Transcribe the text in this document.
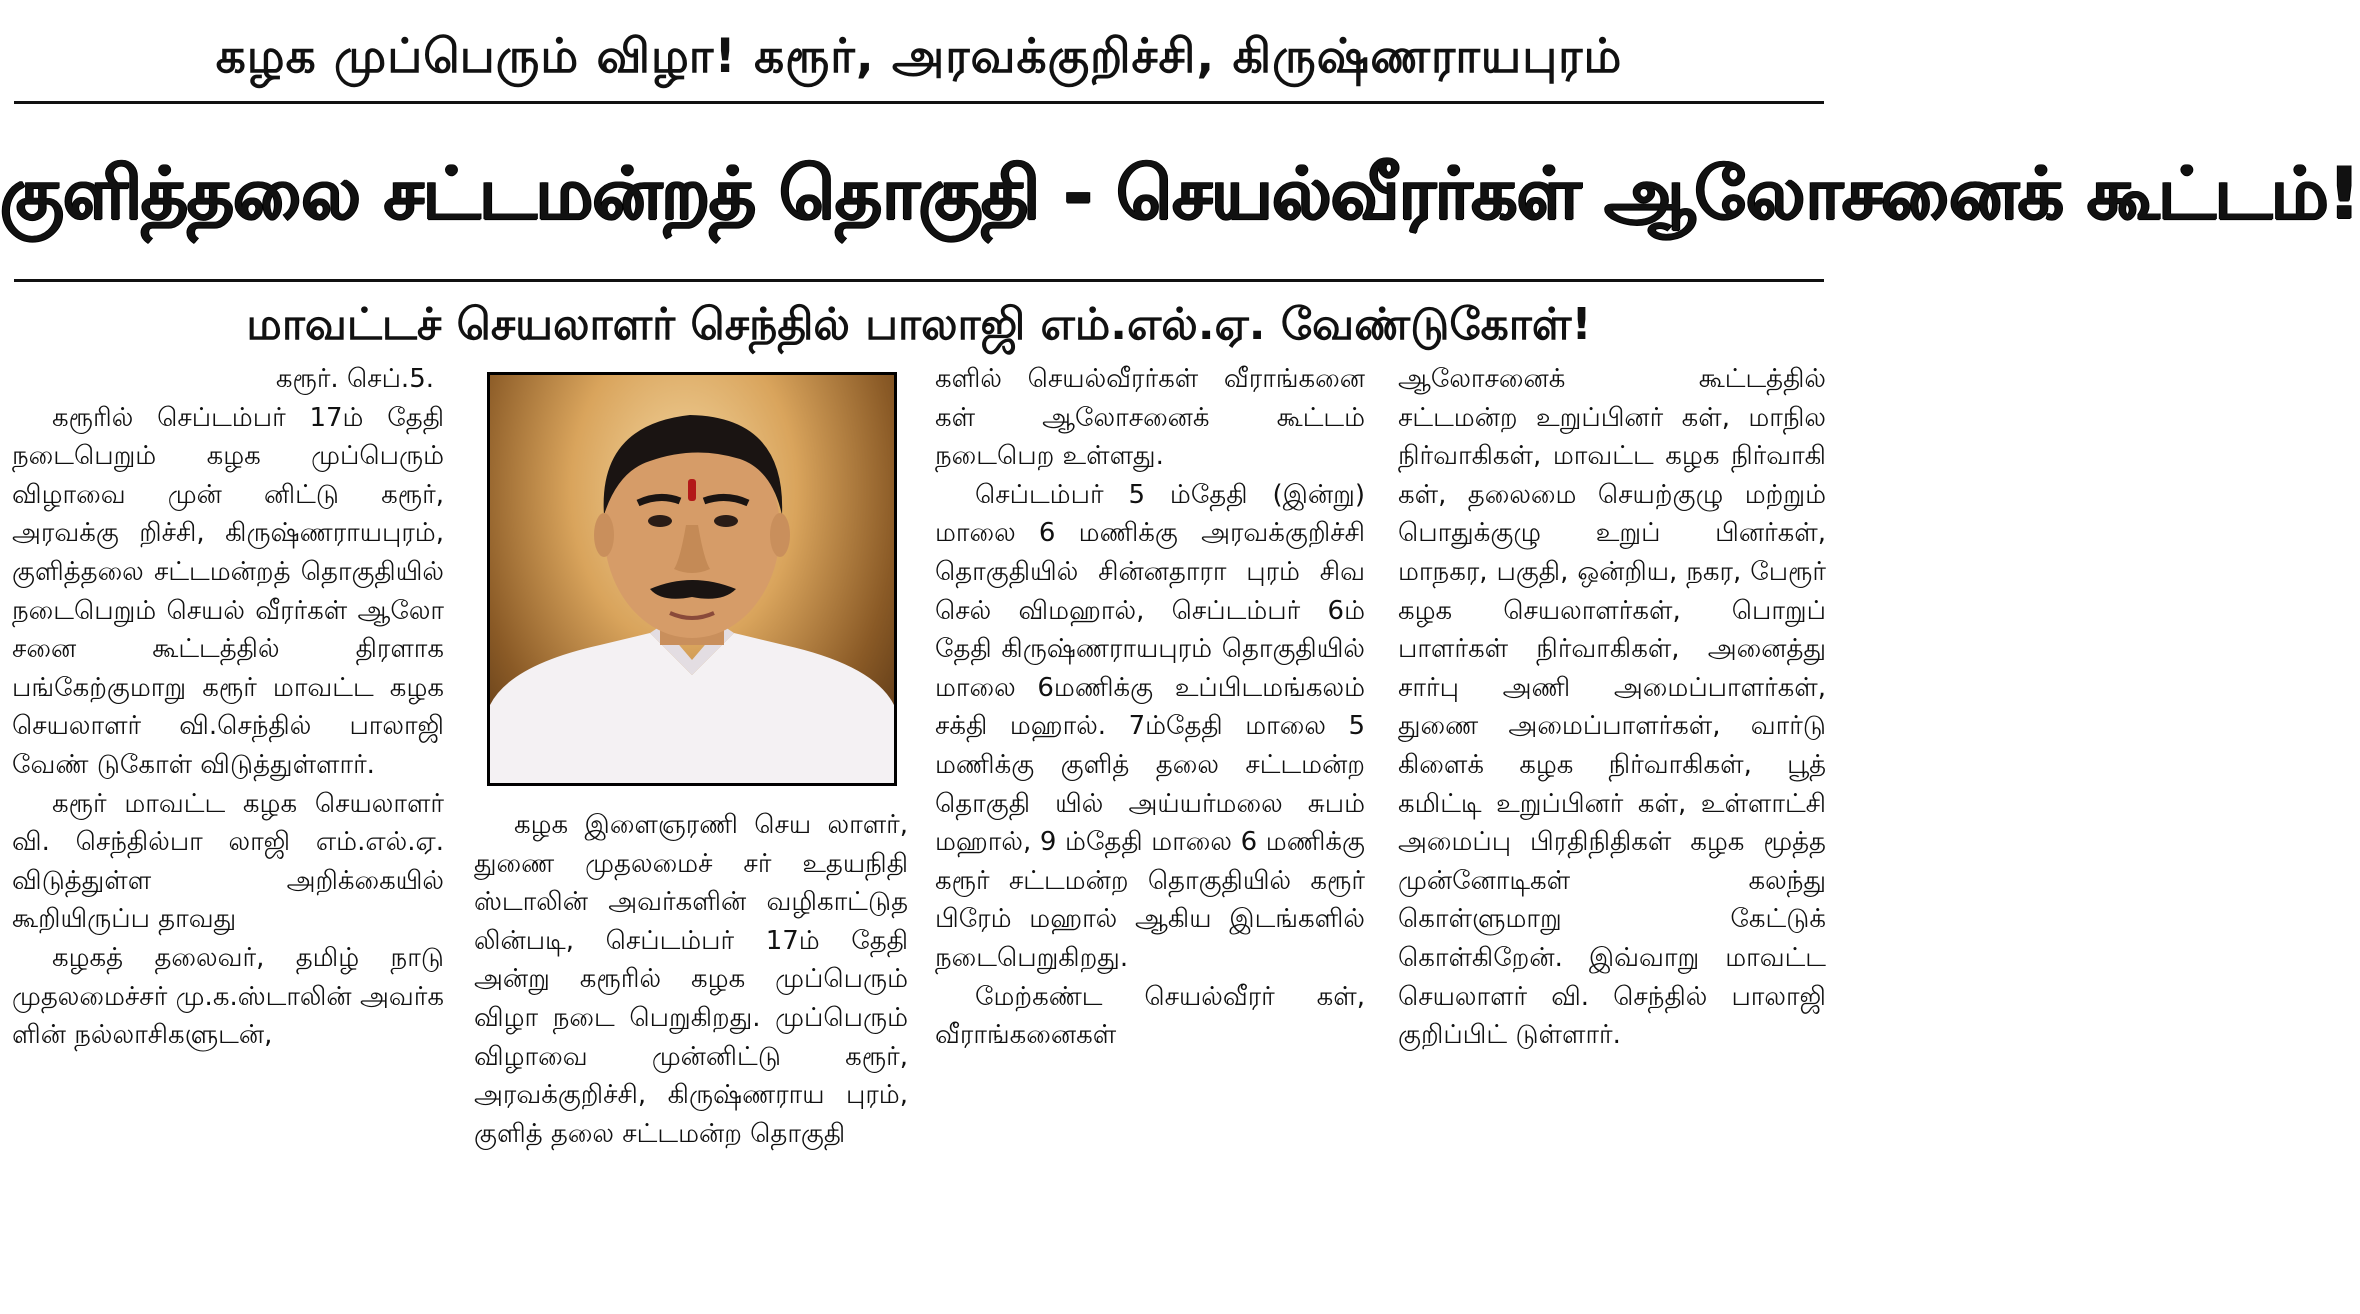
கழக முப்பெரும் விழா! கரூர், அரவக்குறிச்சி, கிருஷ்ணராயபுரம்
குளித்தலை சட்டமன்றத் தொகுதி - செயல்வீரர்கள் ஆலோசனைக் கூட்டம்!
மாவட்டச் செயலாளர் செந்தில் பாலாஜி எம்.எல்.ஏ. வேண்டுகோள்!

கரூர். செப்.5.

கரூரில் செப்டம்பர் 17ம் தேதி நடைபெறும் கழக முப்பெரும் விழாவை முன் னிட்டு கரூர், அரவக்கு றிச்சி, கிருஷ்ணராயபுரம், குளித்தலை சட்டமன்றத் தொகுதியில் நடைபெறும் செயல் வீரர்கள் ஆலோ சனை கூட்டத்தில் திரளாக பங்கேற்குமாறு கரூர் மாவட்ட கழக செயலாளர் வி.செந்தில் பாலாஜி வேண் டுகோள் விடுத்துள்ளார்.

கரூர் மாவட்ட கழக செயலாளர் வி. செந்தில்பா லாஜி எம்.எல்.ஏ. விடுத்துள்ள அறிக்கையில் கூறியிருப்ப தாவது

கழகத் தலைவர், தமிழ் நாடு முதலமைச்சர் மு.க.ஸ்டாலின் அவர்க ளின் நல்லாசிகளுடன்,

கழக இளைஞரணி செய லாளர், துணை முதலமைச் சர் உதயநிதி ஸ்டாலின் அவர்களின் வழிகாட்டுத லின்படி, செப்டம்பர் 17ம் தேதி அன்று கரூரில் கழக முப்பெரும் விழா நடை பெறுகிறது. முப்பெரும் விழாவை முன்னிட்டு கரூர், அரவக்குறிச்சி, கிருஷ்ணராய புரம், குளித் தலை சட்டமன்ற தொகுதி

களில் செயல்வீரர்கள் வீராங்கனை கள் ஆலோசனைக் கூட்டம் நடைபெற உள்ளது.

செப்டம்பர் 5 ம்தேதி (இன்று) மாலை 6 மணிக்கு அரவக்குறிச்சி தொகுதியில் சின்னதாரா புரம் சிவ செல் விமஹால், செப்டம்பர் 6ம் தேதி கிருஷ்ணராயபுரம் தொகுதியில் மாலை 6மணிக்கு உப்பிடமங்கலம் சக்தி மஹால். 7ம்தேதி மாலை 5 மணிக்கு குளித் தலை சட்டமன்ற தொகுதி யில் அய்யர்மலை சுபம் மஹால், 9 ம்தேதி மாலை 6 மணிக்கு கரூர் சட்டமன்ற தொகுதியில் கரூர் பிரேம் மஹால் ஆகிய இடங்களில் நடைபெறுகிறது.

மேற்கண்ட செயல்வீரர் கள், வீராங்கனைகள்

ஆலோசனைக் கூட்டத்தில் சட்டமன்ற உறுப்பினர் கள், மாநில நிர்வாகிகள், மாவட்ட கழக நிர்வாகி கள், தலைமை செயற்குழு மற்றும் பொதுக்குழு உறுப் பினர்கள், மாநகர, பகுதி, ஒன்றிய, நகர, பேரூர் கழக செயலாளர்கள், பொறுப் பாளர்கள் நிர்வாகிகள், அனைத்து சார்பு அணி அமைப்பாளர்கள், துணை அமைப்பாளர்கள், வார்டு கிளைக் கழக நிர்வாகிகள், பூத் கமிட்டி உறுப்பினர் கள், உள்ளாட்சி அமைப்பு பிரதிநிதிகள் கழக மூத்த முன்னோடிகள் கலந்து கொள்ளுமாறு கேட்டுக் கொள்கிறேன். இவ்வாறு மாவட்ட செயலாளர் வி. செந்தில் பாலாஜி குறிப்பிட் டுள்ளார்.
